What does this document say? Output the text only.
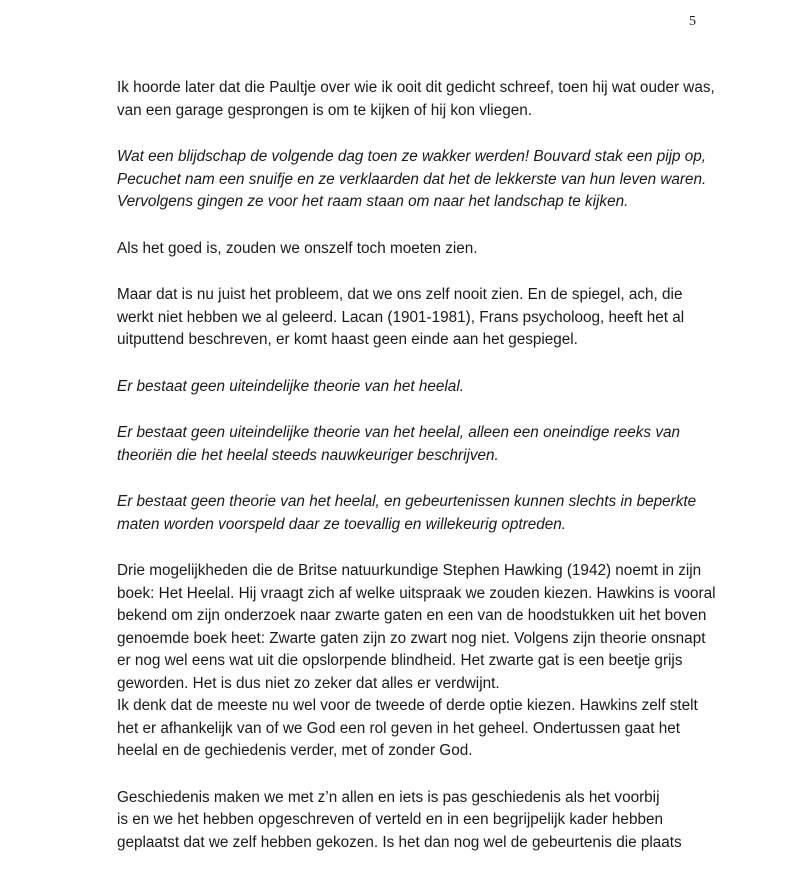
5

Ik hoorde later dat die Paultje over wie ik ooit dit gedicht schreef, toen hij wat ouder was,
van een garage gesprongen is om te kijken of hij kon vliegen.

Wat een blijdschap de volgende dag toen ze wakker werden! Bouvard stak een pijp op,
Pecuchet nam een snuifje en ze verklaarden dat het de lekkerste van hun leven waren.
Vervolgens gingen ze voor het raam staan om naar het landschap te kijken.

Als het goed is, zouden we onszelf toch moeten zien.

Maar dat is nu juist het probleem, dat we ons zelf nooit zien. En de spiegel, ach, die
werkt niet hebben we al geleerd. Lacan (1901-1981), Frans psycholoog, heeft het al
uitputtend beschreven, er komt haast geen einde aan het gespiegel.

Er bestaat geen uiteindelijke theorie van het heelal.

Er bestaat geen uiteindelijke theorie van het heelal, alleen een oneindige reeks van
theoriën die het heelal steeds nauwkeuriger beschrijven.

Er bestaat geen theorie van het heelal, en gebeurtenissen kunnen slechts in beperkte
maten worden voorspeld daar ze toevallig en willekeurig optreden.

Drie mogelijkheden die de Britse natuurkundige Stephen Hawking (1942) noemt in zijn
boek: Het Heelal. Hij vraagt zich af welke uitspraak we zouden kiezen. Hawkins is vooral
bekend om zijn onderzoek naar zwarte gaten en een van de hoodstukken uit het boven
genoemde boek heet: Zwarte gaten zijn zo zwart nog niet. Volgens zijn theorie onsnapt
er nog wel eens wat uit die opslorpende blindheid. Het zwarte gat is een beetje grijs
geworden. Het is dus niet zo zeker dat alles er verdwijnt.

Ik denk dat de meeste nu wel voor de tweede of derde optie kiezen. Hawkins zelf stelt
het er afhankelijk van of we God een rol geven in het geheel. Ondertussen gaat het
heelal en de gechiedenis verder, met of zonder God.

Geschiedenis maken we met z’n allen en iets is pas geschiedenis als het voorbij
is en we het hebben opgeschreven of verteld en in een begrijpelijk kader hebben
geplaatst dat we zelf hebben gekozen. Is het dan nog wel de gebeurtenis die plaats
